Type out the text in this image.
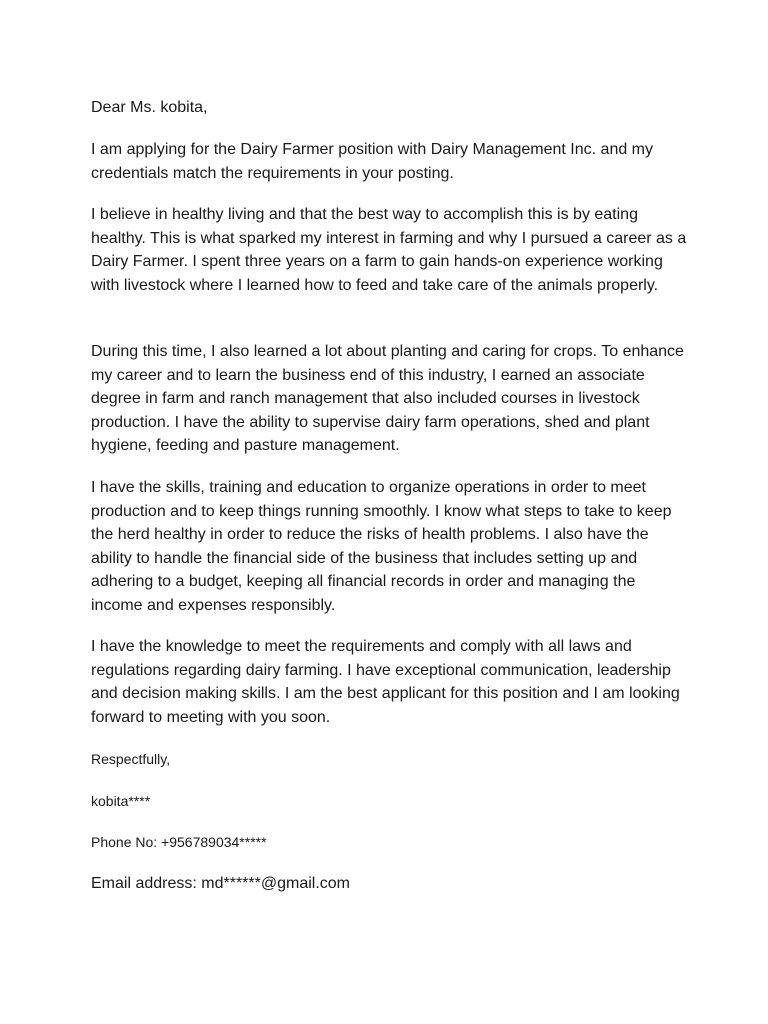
Dear Ms. kobita,

I am applying for the Dairy Farmer position with Dairy Management Inc. and my credentials match the requirements in your posting.

I believe in healthy living and that the best way to accomplish this is by eating healthy. This is what sparked my interest in farming and why I pursued a career as a Dairy Farmer. I spent three years on a farm to gain hands-on experience working with livestock where I learned how to feed and take care of the animals properly.

During this time, I also learned a lot about planting and caring for crops. To enhance my career and to learn the business end of this industry, I earned an associate degree in farm and ranch management that also included courses in livestock production. I have the ability to supervise dairy farm operations, shed and plant hygiene, feeding and pasture management.

I have the skills, training and education to organize operations in order to meet production and to keep things running smoothly. I know what steps to take to keep the herd healthy in order to reduce the risks of health problems. I also have the ability to handle the financial side of the business that includes setting up and adhering to a budget, keeping all financial records in order and managing the income and expenses responsibly.

I have the knowledge to meet the requirements and comply with all laws and regulations regarding dairy farming. I have exceptional communication, leadership and decision making skills. I am the best applicant for this position and I am looking forward to meeting with you soon.

Respectfully,

kobita****

Phone No: +956789034*****

Email address: md******@gmail.com
